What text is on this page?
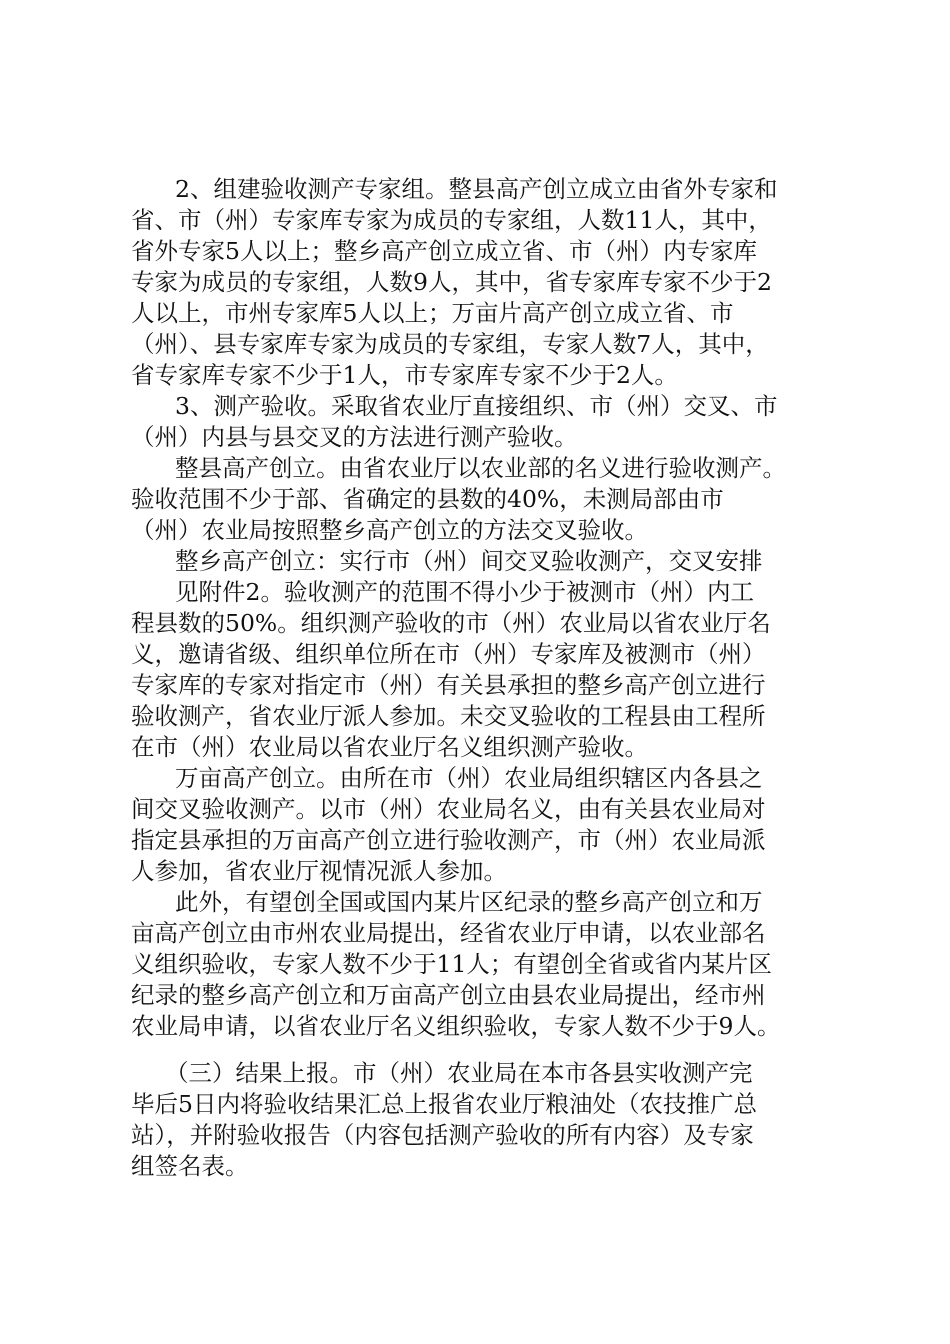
2、组建验收测产专家组。整县高产创立成立由省外专家和
省、市（州）专家库专家为成员的专家组，人数11人，其中，
省外专家5人以上；整乡高产创立成立省、市（州）内专家库
专家为成员的专家组，人数9人，其中，省专家库专家不少于2
人以上，市州专家库5人以上；万亩片高产创立成立省、市
（州）、县专家库专家为成员的专家组，专家人数7人，其中，
省专家库专家不少于1人，市专家库专家不少于2人。
3、测产验收。采取省农业厅直接组织、市（州）交叉、市
（州）内县与县交叉的方法进行测产验收。
整县高产创立。由省农业厅以农业部的名义进行验收测产。
验收范围不少于部、省确定的县数的40%，未测局部由市
（州）农业局按照整乡高产创立的方法交叉验收。
整乡高产创立：实行市（州）间交叉验收测产，交叉安排
见附件2。验收测产的范围不得小少于被测市（州）内工
程县数的50%。组织测产验收的市（州）农业局以省农业厅名
义，邀请省级、组织单位所在市（州）专家库及被测市（州）
专家库的专家对指定市（州）有关县承担的整乡高产创立进行
验收测产，省农业厅派人参加。未交叉验收的工程县由工程所
在市（州）农业局以省农业厅名义组织测产验收。
万亩高产创立。由所在市（州）农业局组织辖区内各县之
间交叉验收测产。以市（州）农业局名义，由有关县农业局对
指定县承担的万亩高产创立进行验收测产，市（州）农业局派
人参加，省农业厅视情况派人参加。
此外，有望创全国或国内某片区纪录的整乡高产创立和万
亩高产创立由市州农业局提出，经省农业厅申请，以农业部名
义组织验收，专家人数不少于11人；有望创全省或省内某片区
纪录的整乡高产创立和万亩高产创立由县农业局提出，经市州
农业局申请，以省农业厅名义组织验收，专家人数不少于9人。
（三）结果上报。市（州）农业局在本市各县实收测产完
毕后5日内将验收结果汇总上报省农业厅粮油处（农技推广总
站），并附验收报告（内容包括测产验收的所有内容）及专家
组签名表。
